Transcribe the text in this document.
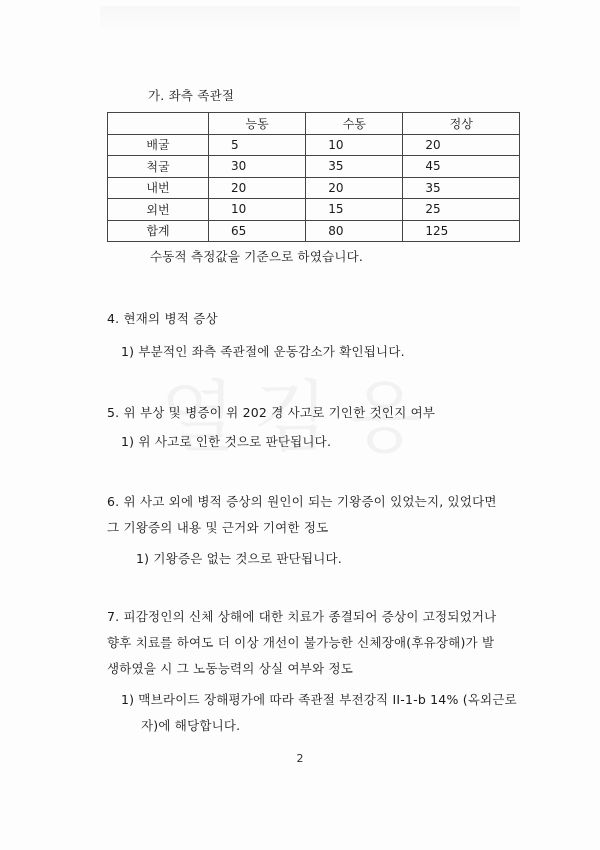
가. 좌측 족관절
	능동	수동	정상
배굴	5	10	20
척굴	30	35	45
내번	20	20	35
외번	10	15	25
합계	65	80	125
수동적 측정값을 기준으로 하였습니다.
4. 현재의 병적 증상
1) 부분적인 좌측 족관절에 운동감소가 확인됩니다.
5. 위 부상 및 병증이 위 202 경 사고로 기인한 것인지 여부
1) 위 사고로 인한 것으로 판단됩니다.
6. 위 사고 외에 병적 증상의 원인이 되는 기왕증이 있었는지, 있었다면
그 기왕증의 내용 및 근거와 기여한 정도
1) 기왕증은 없는 것으로 판단됩니다.
7. 피감정인의 신체 상해에 대한 치료가 종결되어 증상이 고정되었거나
향후 치료를 하여도 더 이상 개선이 불가능한 신체장애(후유장해)가 발
생하였을 시 그 노동능력의 상실 여부와 정도
1) 맥브라이드 장해평가에 따라 족관절 부전강직 II-1-b 14% (옥외근로
자)에 해당합니다.
2
